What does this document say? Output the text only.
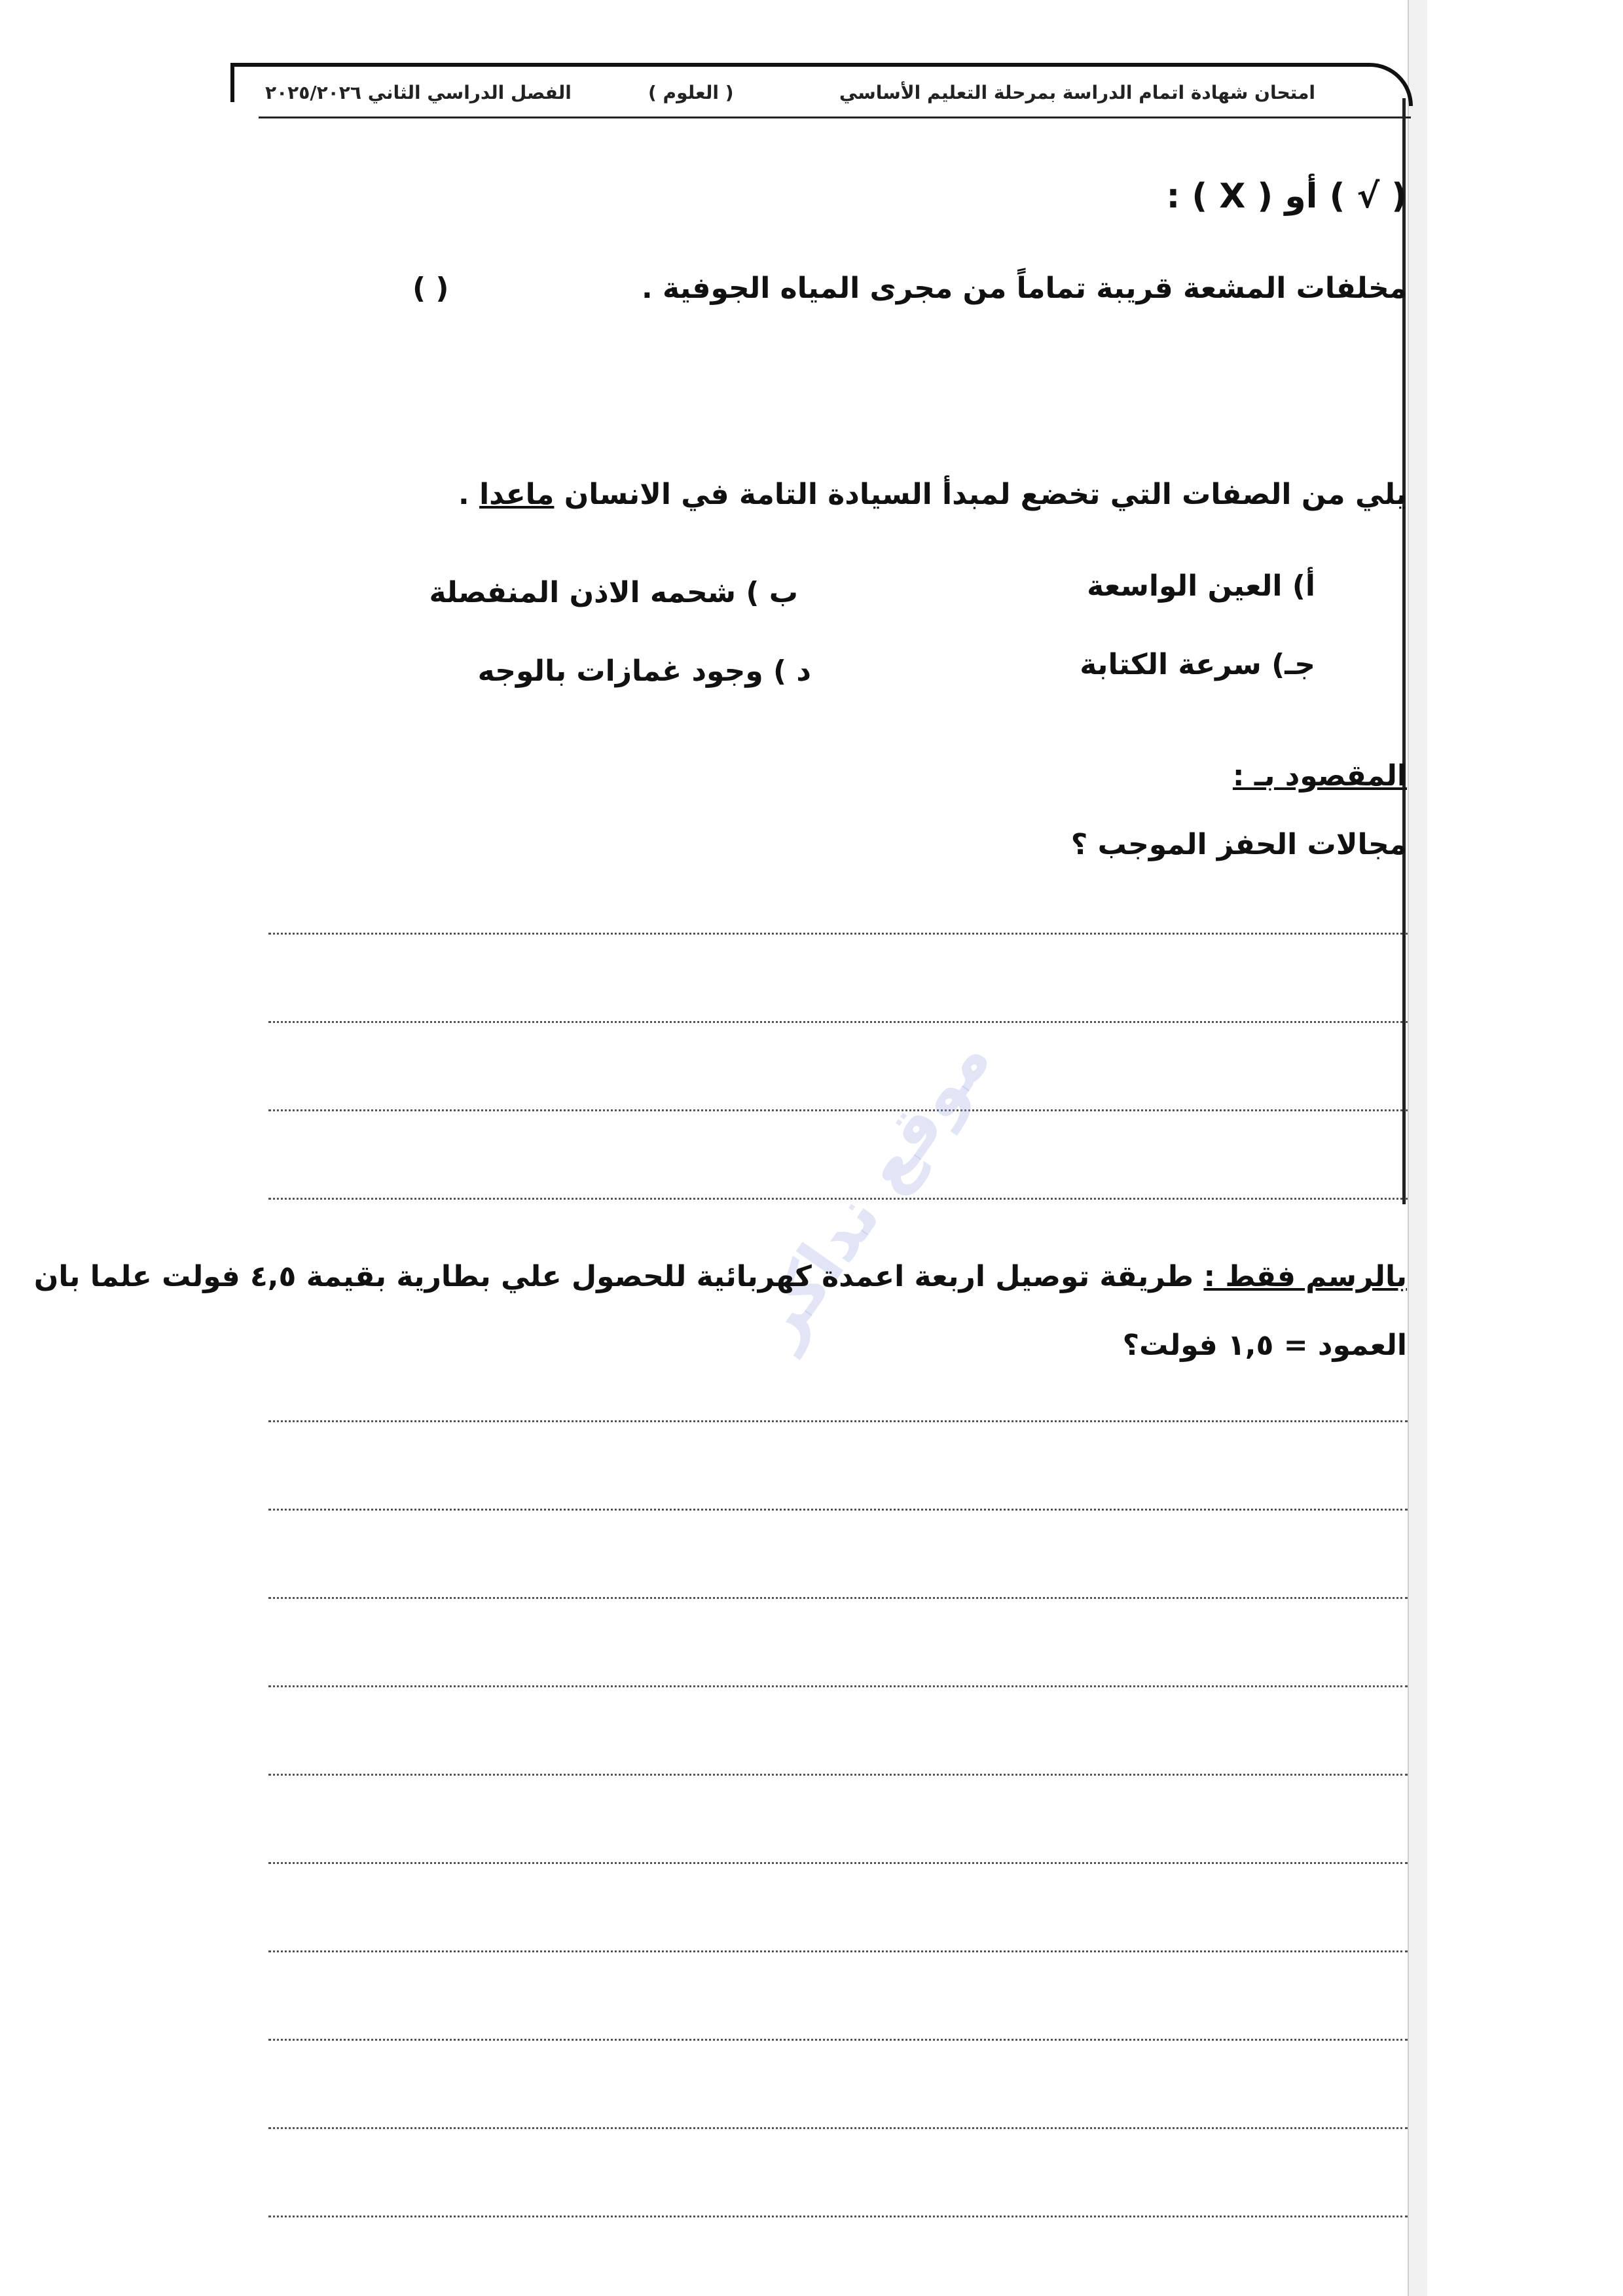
امتحان شهادة اتمام الدراسة بمرحلة التعليم الأساسي
( العلوم )
الفصل الدراسي الثاني ٢٠٢٥/٢٠٢٦
: ( X ) أو ( √ )
مخلفات المشعة قريبة تماماً من مجرى المياه الجوفية .
( )
يلي من الصفات التي تخضع لمبدأ السيادة التامة في الانسان ماعدا .
أ) العين الواسعة
ب ) شحمه الاذن المنفصلة
جـ) سرعة الكتابة
د ) وجود غمازات بالوجه
المقصود بـ :
مجالات الحفز الموجب ؟
موقع نداكر	بالرسم فقط : طريقة توصيل اربعة اعمدة كهربائية للحصول علي بطارية بقيمة ٤,٥ فولت علما بان
العمود = ١,٥ فولت؟
